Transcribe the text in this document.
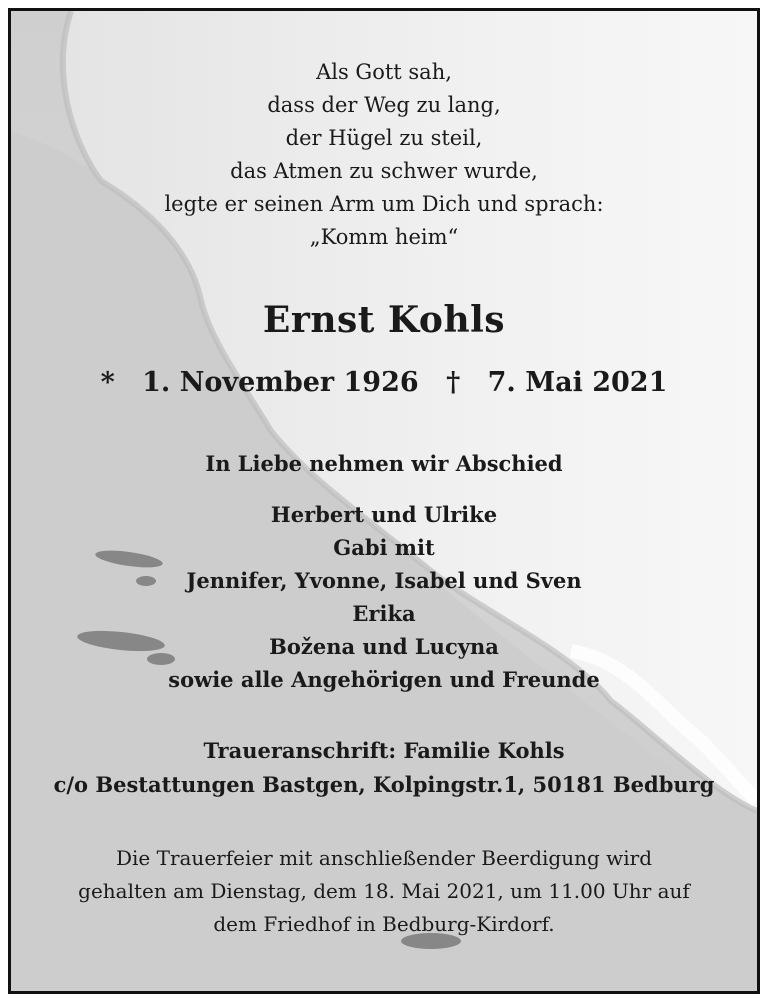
Als Gott sah,
dass der Weg zu lang,
der Hügel zu steil,
das Atmen zu schwer wurde,
legte er seinen Arm um Dich und sprach:
„Komm heim“
Ernst Kohls
* 1. November 1926 † 7. Mai 2021
In Liebe nehmen wir Abschied
Herbert und Ulrike
Gabi mit
Jennifer, Yvonne, Isabel und Sven
Erika
Božena und Lucyna
sowie alle Angehörigen und Freunde
Traueranschrift: Familie Kohls
c/o Bestattungen Bastgen, Kolpingstr.1, 50181 Bedburg
Die Trauerfeier mit anschließender Beerdigung wird
gehalten am Dienstag, dem 18. Mai 2021, um 11.00 Uhr auf
dem Friedhof in Bedburg-Kirdorf.
